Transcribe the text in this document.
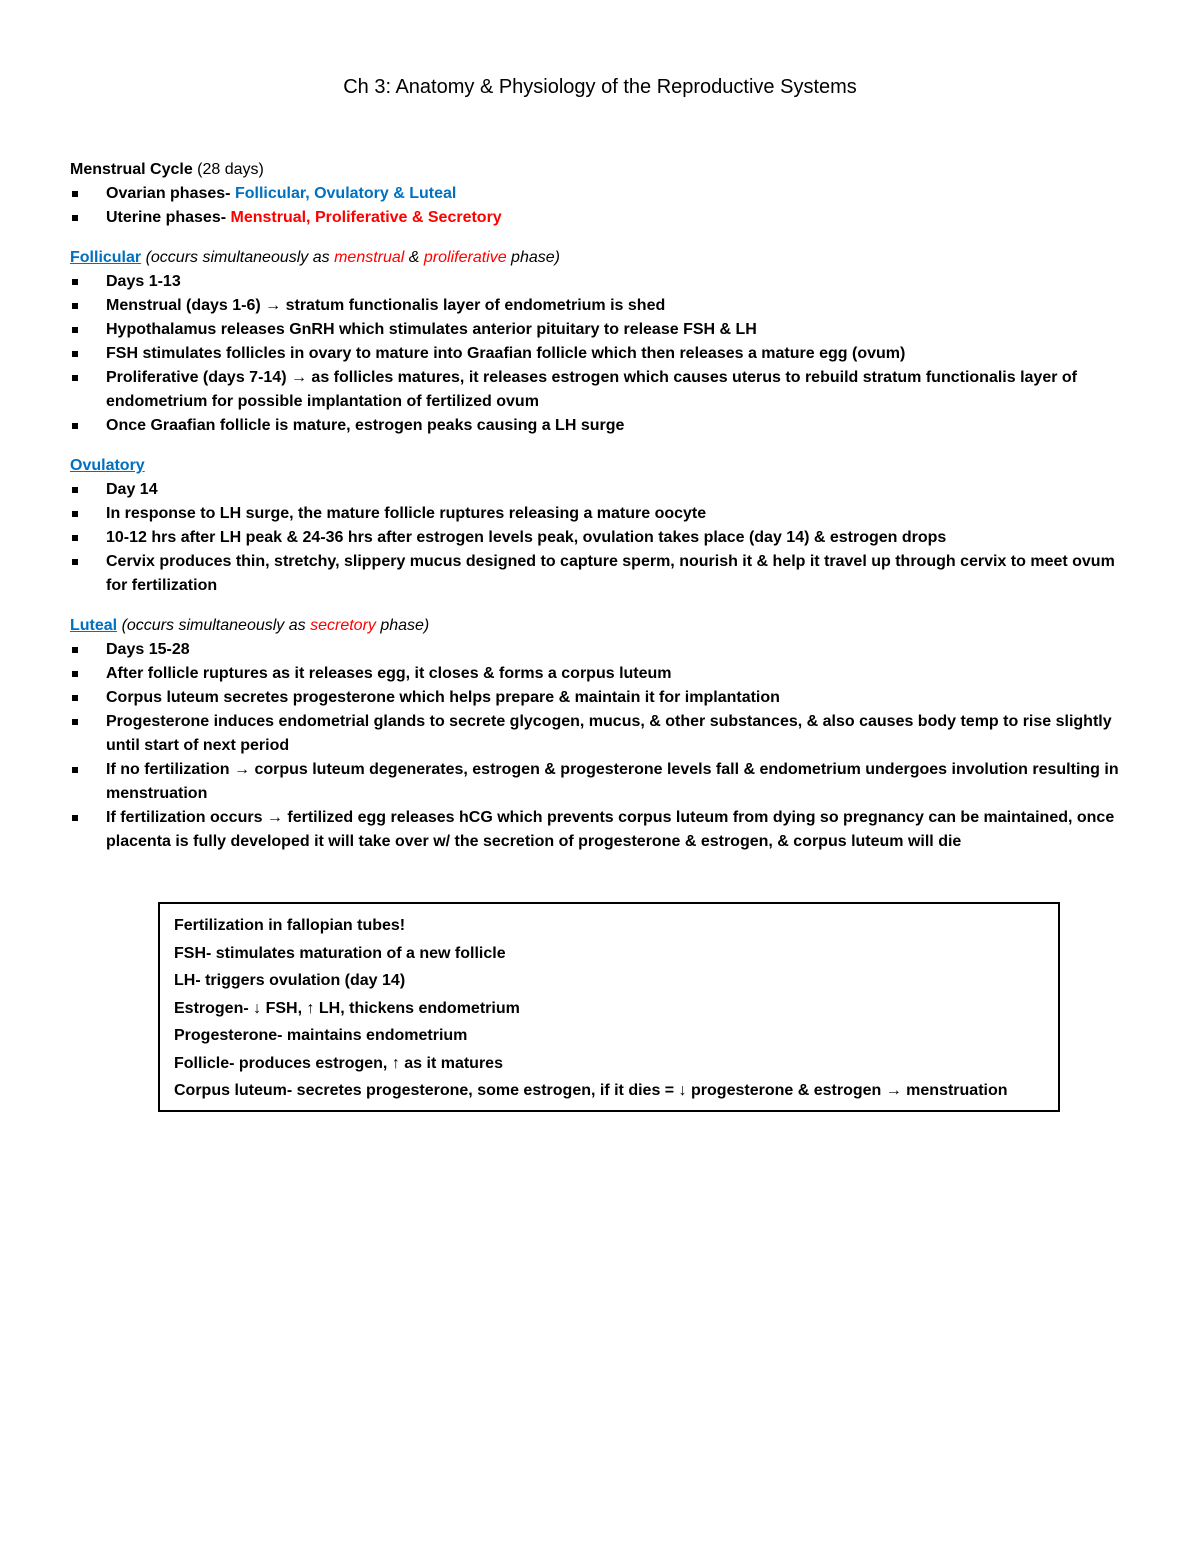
Ch 3: Anatomy & Physiology of the Reproductive Systems
Menstrual Cycle (28 days)
Ovarian phases- Follicular, Ovulatory & Luteal
Uterine phases- Menstrual, Proliferative & Secretory
Follicular (occurs simultaneously as menstrual & proliferative phase)
Days 1-13
Menstrual (days 1-6) → stratum functionalis layer of endometrium is shed
Hypothalamus releases GnRH which stimulates anterior pituitary to release FSH & LH
FSH stimulates follicles in ovary to mature into Graafian follicle which then releases a mature egg (ovum)
Proliferative (days 7-14) → as follicles matures, it releases estrogen which causes uterus to rebuild stratum functionalis layer of endometrium for possible implantation of fertilized ovum
Once Graafian follicle is mature, estrogen peaks causing a LH surge
Ovulatory
Day 14
In response to LH surge, the mature follicle ruptures releasing a mature oocyte
10-12 hrs after LH peak & 24-36 hrs after estrogen levels peak, ovulation takes place (day 14) & estrogen drops
Cervix produces thin, stretchy, slippery mucus designed to capture sperm, nourish it & help it travel up through cervix to meet ovum for fertilization
Luteal (occurs simultaneously as secretory phase)
Days 15-28
After follicle ruptures as it releases egg, it closes & forms a corpus luteum
Corpus luteum secretes progesterone which helps prepare & maintain it for implantation
Progesterone induces endometrial glands to secrete glycogen, mucus, & other substances, & also causes body temp to rise slightly until start of next period
If no fertilization → corpus luteum degenerates, estrogen & progesterone levels fall & endometrium undergoes involution resulting in menstruation
If fertilization occurs → fertilized egg releases hCG which prevents corpus luteum from dying so pregnancy can be maintained, once placenta is fully developed it will take over w/ the secretion of progesterone & estrogen, & corpus luteum will die
Fertilization in fallopian tubes!
FSH- stimulates maturation of a new follicle
LH- triggers ovulation (day 14)
Estrogen- ↓ FSH, ↑ LH, thickens endometrium
Progesterone- maintains endometrium
Follicle- produces estrogen, ↑ as it matures
Corpus luteum- secretes progesterone, some estrogen, if it dies = ↓ progesterone & estrogen → menstruation
